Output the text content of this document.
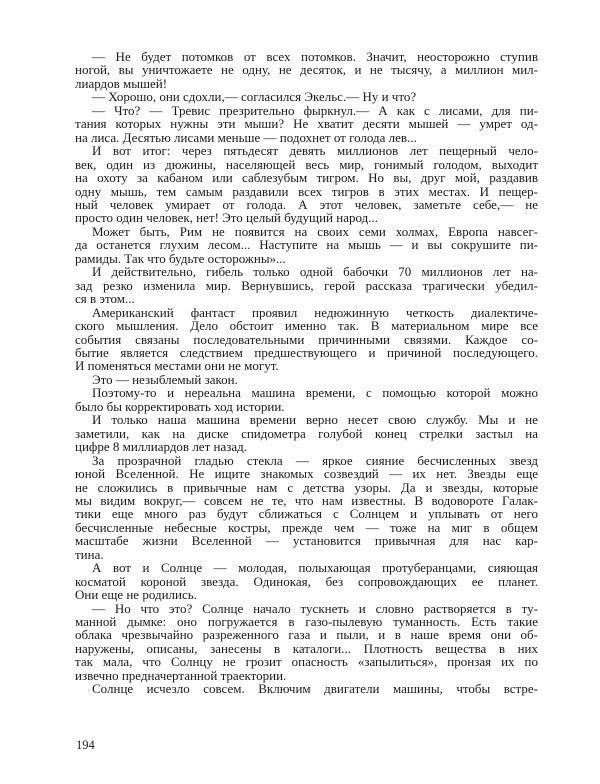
— Не будет потомков от всех потомков. Значит, неосторожно ступив
ногой, вы уничтожаете не одну, не десяток, и не тысячу, а миллион мил-
лиардов мышей!
— Хорошо, они сдохли,— согласился Экельс.— Ну и что?
— Что? — Тревис презрительно фыркнул.— А как с лисами, для пи-
тания которых нужны эти мыши? Не хватит десяти мышей — умрет од-
на лиса. Десятью лисами меньше — подохнет от голода лев...
И вот итог: через пятьдесят девять миллионов лет пещерный чело-
век, один из дюжины, населяющей весь мир, гонимый голодом, выходит
на охоту за кабаном или саблезубым тигром. Но вы, друг мой, раздавив
одну мышь, тем самым раздавили всех тигров в этих местах. И пещер-
ный человек умирает от голода. А этот человек, заметьте себе,— не
просто один человек, нет! Это целый будущий народ...
Может быть, Рим не появится на своих семи холмах, Европа навсег-
да останется глухим лесом... Наступите на мышь — и вы сокрушите пи-
рамиды. Так что будьте осторожны»...
И действительно, гибель только одной бабочки 70 миллионов лет на-
зад резко изменила мир. Вернувшись, герой рассказа трагически убедил-
ся в этом...
Американский фантаст проявил недюжинную четкость диалектиче-
ского мышления. Дело обстоит именно так. В материальном мире все
события связаны последовательными причинными связями. Каждое со-
бытие является следствием предшествующего и причиной последующего.
И поменяться местами они не могут.
Это — незыблемый закон.
Поэтому-то и нереальна машина времени, с помощью которой можно
было бы корректировать ход истории.
И только наша машина времени верно несет свою службу. Мы и не
заметили, как на диске спидометра голубой конец стрелки застыл на
цифре 8 миллиардов лет назад.
За прозрачной гладью стекла — яркое сияние бесчисленных звезд
юной Вселенной. Не ищите знакомых созвездий — их нет. Звезды еще
не сложились в привычные нам с детства узоры. Да и звезды, которые
мы видим вокруг,— совсем не те, что нам известны. В водовороте Галак-
тики еще много раз будут сближаться с Солнцем и уплывать от него
бесчисленные небесные костры, прежде чем — тоже на миг в общем
масштабе жизни Вселенной — установится привычная для нас кар-
тина.
А вот и Солнце — молодая, полыхающая протуберанцами, сияющая
косматой короной звезда. Одинокая, без сопровождающих ее планет.
Они еще не родились.
— Но что это? Солнце начало тускнеть и словно растворяется в ту-
манной дымке: оно погружается в газо-пылевую туманность. Есть такие
облака чрезвычайно разреженного газа и пыли, и в наше время они об-
наружены, описаны, занесены в каталоги... Плотность вещества в них
так мала, что Солнцу не грозит опасность «запылиться», пронзая их по
извечно предначертанной траектории.
Солнце исчезло совсем. Включим двигатели машины, чтобы встре-
194
